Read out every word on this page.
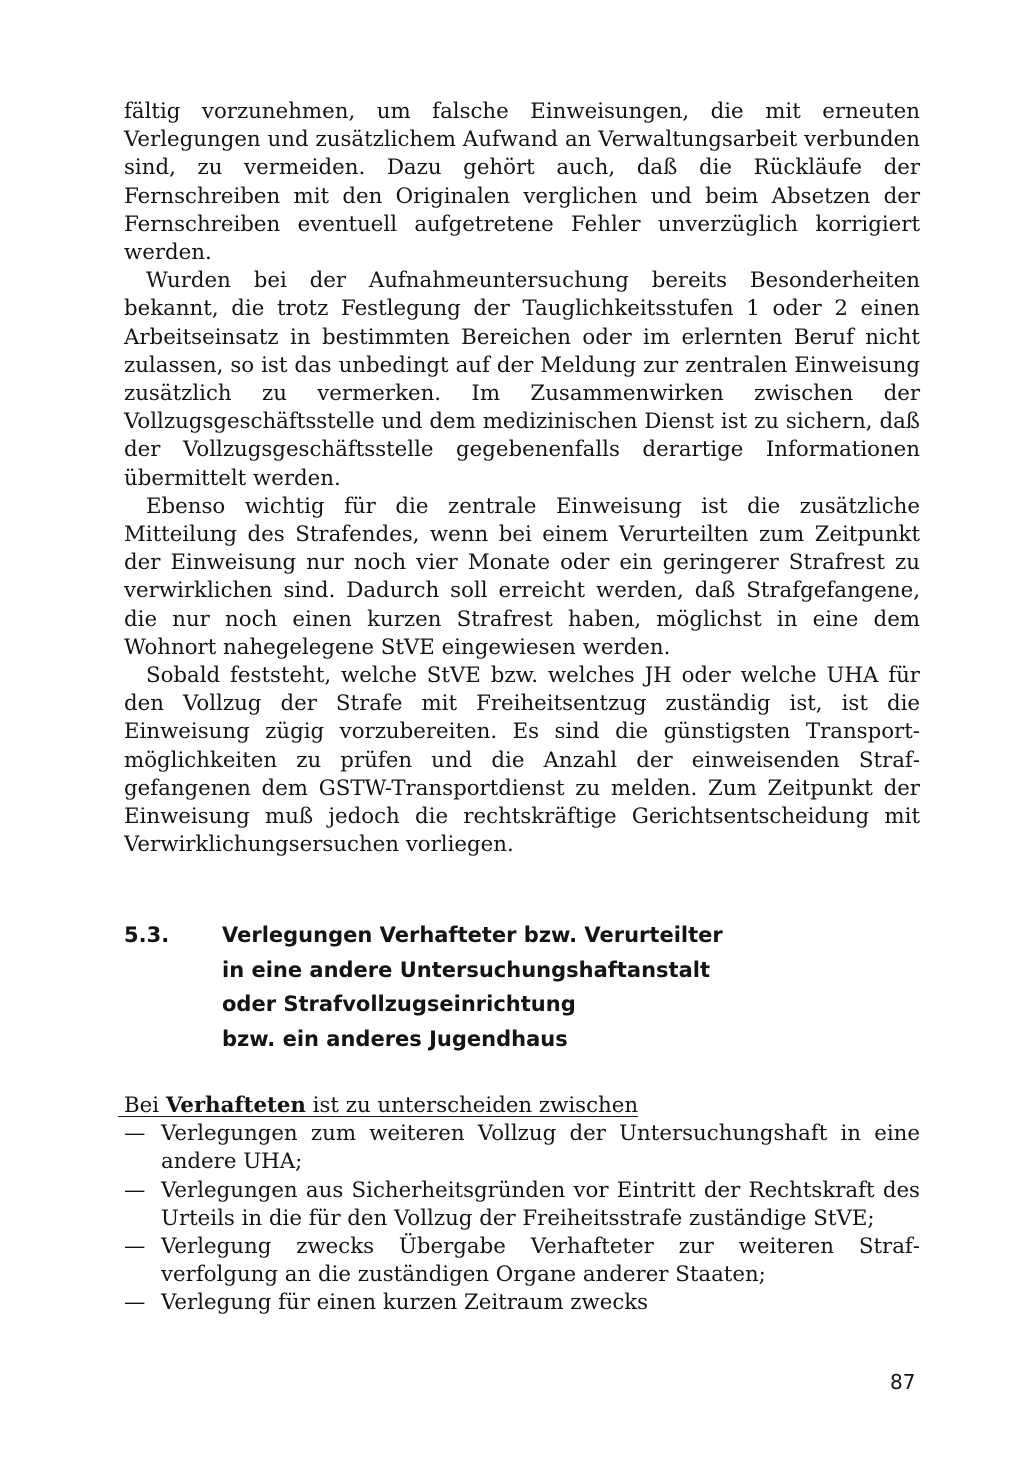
fältig vorzunehmen, um falsche Einweisungen, die mit erneuten Verlegungen und zusätzlichem Aufwand an Verwaltungsarbeit verbunden sind, zu vermeiden. Dazu gehört auch, daß die Rückläufe der Fernschreiben mit den Originalen verglichen und beim Absetzen der Fernschreiben eventuell aufgetretene Fehler unverzüglich korrigiert werden.

Wurden bei der Aufnahmeuntersuchung bereits Besonderheiten bekannt, die trotz Festlegung der Tauglichkeitsstufen 1 oder 2 einen Arbeitseinsatz in bestimmten Bereichen oder im erlernten Beruf nicht zulassen, so ist das unbedingt auf der Meldung zur zentralen Einweisung zusätzlich zu vermerken. Im Zusammenwirken zwischen der Vollzugsgeschäftsstelle und dem medizinischen Dienst ist zu sichern, daß der Vollzugsgeschäftsstelle gegebenenfalls derartige Informationen übermittelt werden.

Ebenso wichtig für die zentrale Einweisung ist die zusätzliche Mitteilung des Strafendes, wenn bei einem Verurteilten zum Zeitpunkt der Einweisung nur noch vier Monate oder ein geringerer Strafrest zu verwirklichen sind. Dadurch soll erreicht werden, daß Strafgefangene, die nur noch einen kurzen Strafrest haben, möglichst in eine dem Wohnort nahegelegene StVE eingewiesen werden.

Sobald feststeht, welche StVE bzw. welches JH oder welche UHA für den Vollzug der Strafe mit Freiheitsentzug zuständig ist, ist die Einweisung zügig vorzubereiten. Es sind die günstigsten Transportmöglichkeiten zu prüfen und die Anzahl der einweisenden Strafgefangenen dem GSTW-Transportdienst zu melden. Zum Zeitpunkt der Einweisung muß jedoch die rechtskräftige Gerichtsentscheidung mit Verwirklichungsersuchen vorliegen.

5.3.	Verlegungen Verhafteter bzw. Verurteilter
in eine andere Untersuchungshaftanstalt
oder Strafvollzugseinrichtung
bzw. ein anderes Jugendhaus
Bei Verhafteten ist zu unterscheiden zwischen
— Verlegungen zum weiteren Vollzug der Untersuchungshaft in eine andere UHA;
— Verlegungen aus Sicherheitsgründen vor Eintritt der Rechtskraft des Urteils in die für den Vollzug der Freiheitsstrafe zuständige StVE;
— Verlegung zwecks Übergabe Verhafteter zur weiteren Strafverfolgung an die zuständigen Organe anderer Staaten;
— Verlegung für einen kurzen Zeitraum zwecks
87
